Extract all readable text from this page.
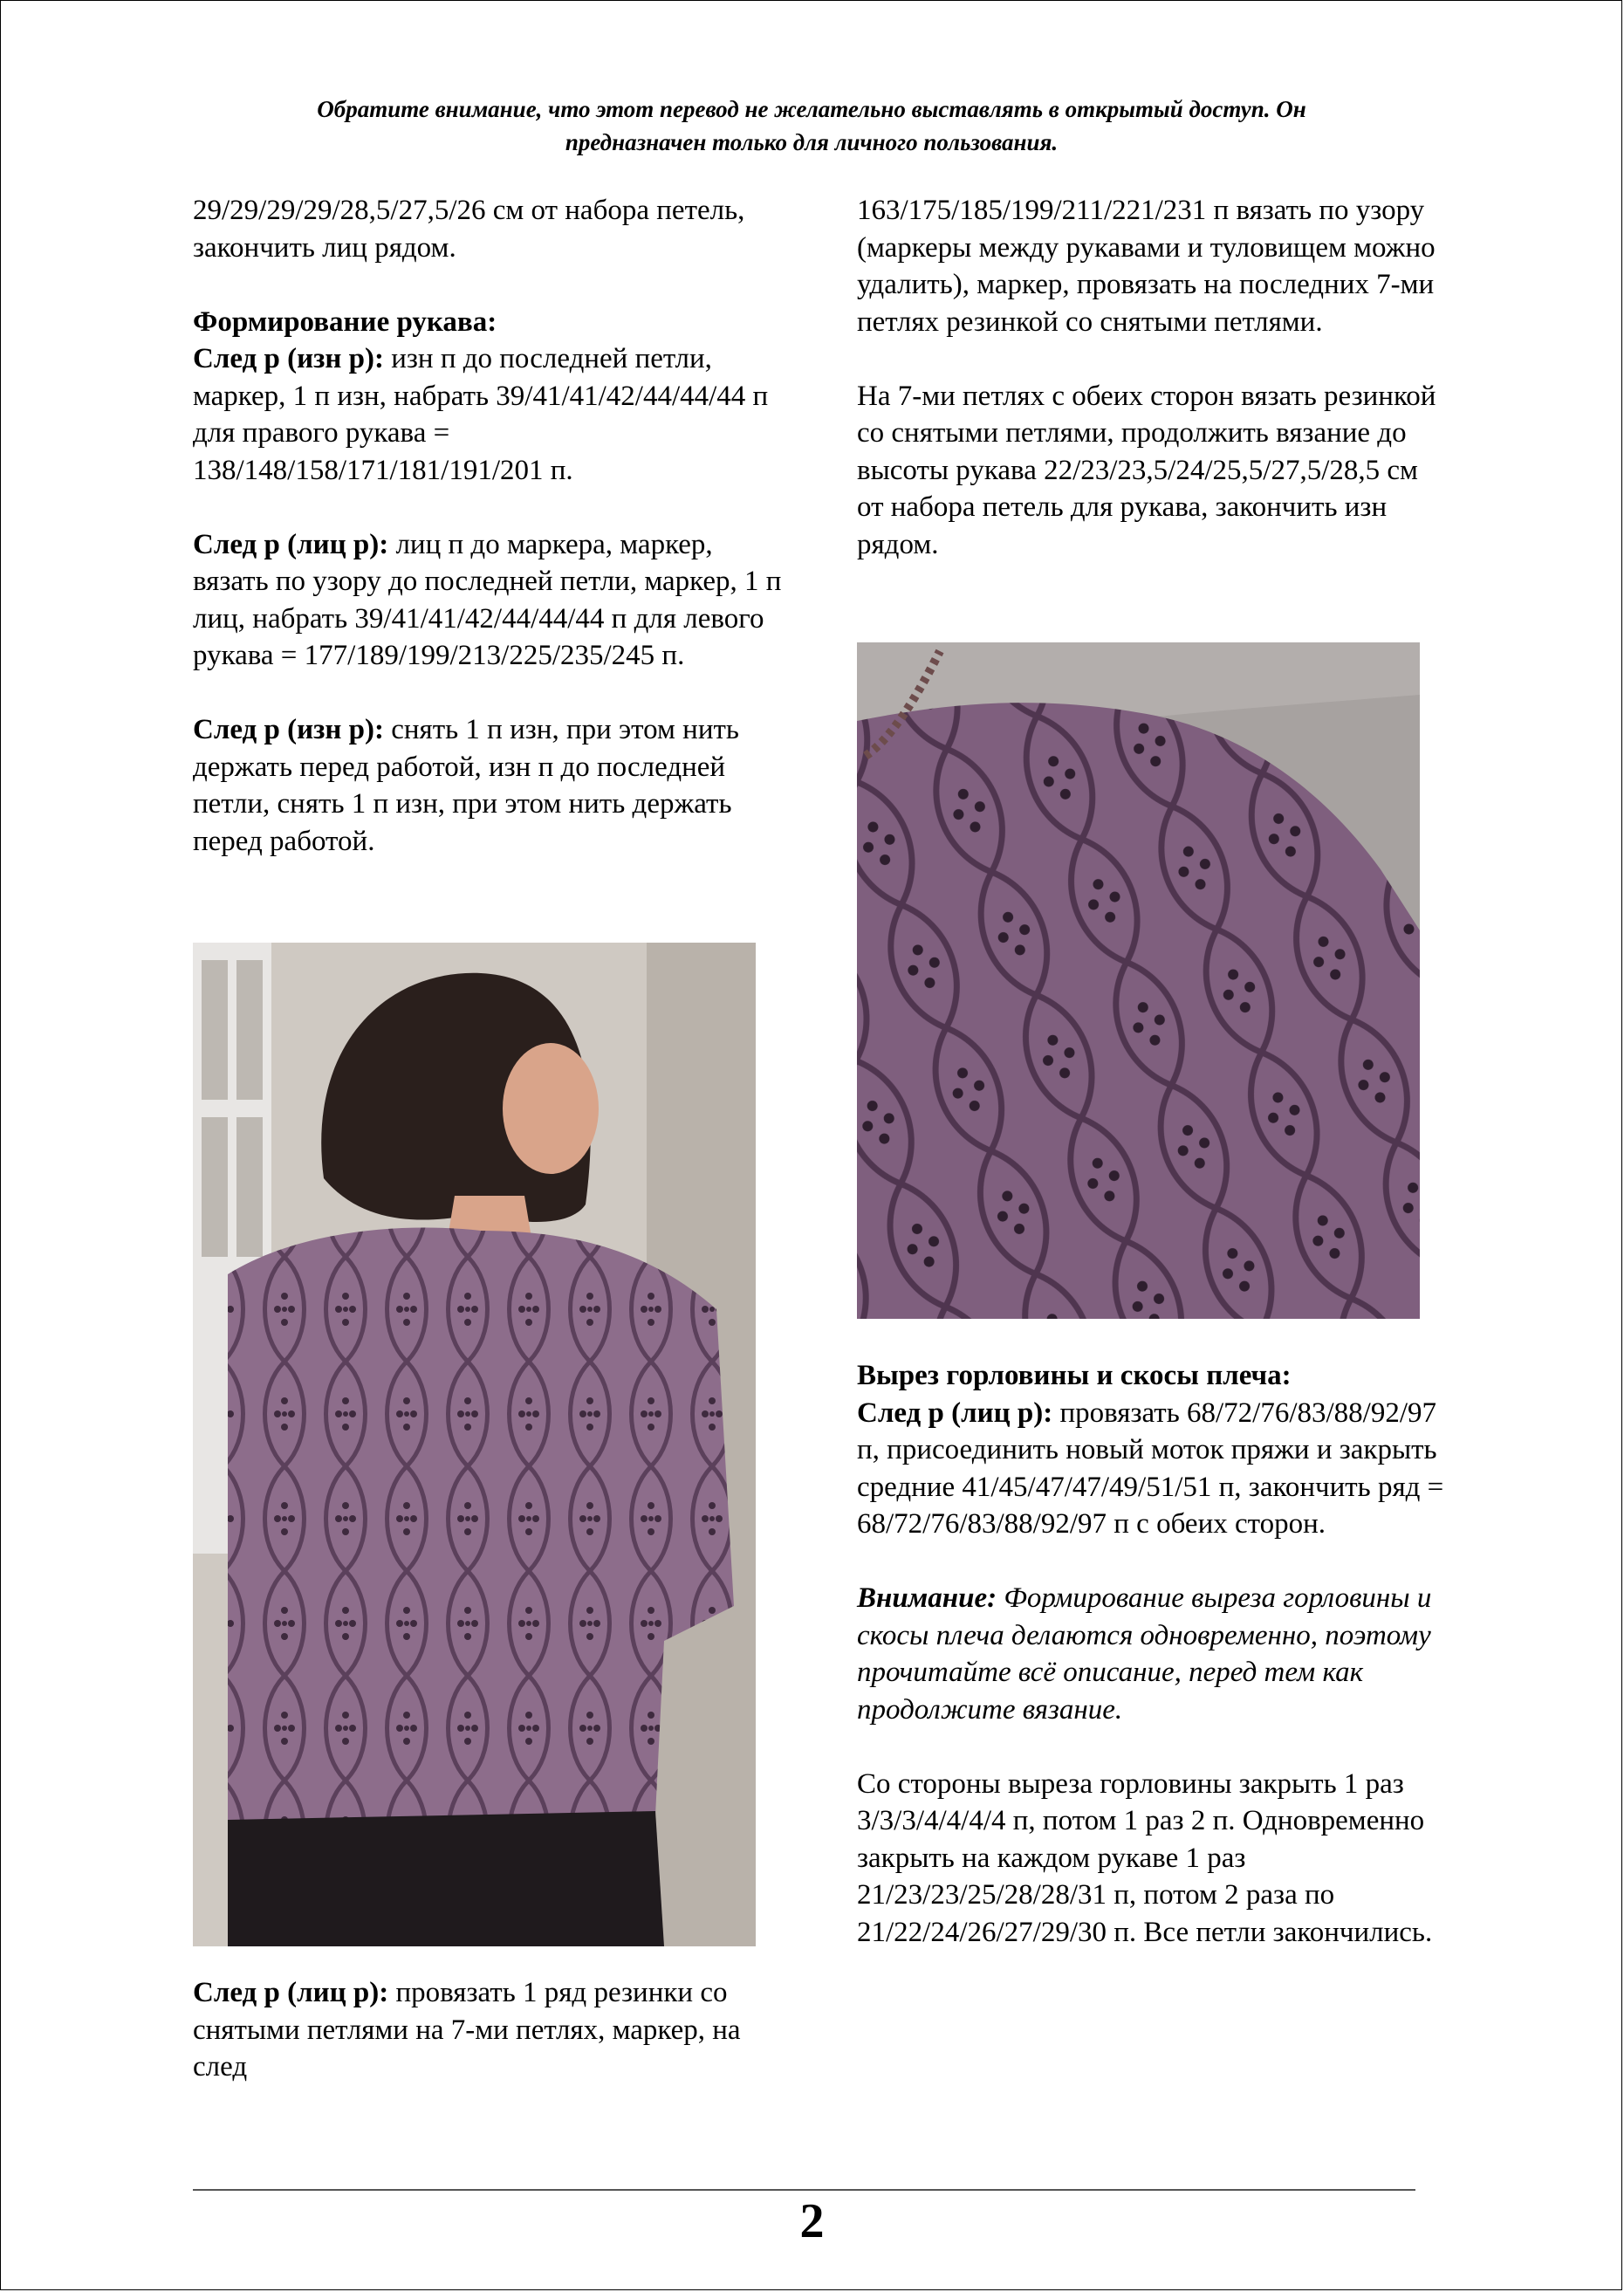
Обратите внимание, что этот перевод не желательно выставлять в открытый доступ. Он
предназначен только для личного пользования.

29/29/29/29/28,5/27,5/26 см от набора петель, закончить лиц рядом.

Формирование рукава:
След р (изн р): изн п до последней петли, маркер, 1 п изн, набрать 39/41/41/42/44/44/44 п для правого рукава = 138/148/158/171/181/191/201 п.

След р (лиц р): лиц п до маркера, маркер, вязать по узору до последней петли, маркер, 1 п лиц, набрать 39/41/41/42/44/44/44 п для левого рукава = 177/189/199/213/225/235/245 п.

След р (изн р): снять 1 п изн, при этом нить держать перед работой, изн п до последней петли, снять 1 п изн, при этом нить держать перед работой.

След р (лиц р): провязать 1 ряд резинки со снятыми петлями на 7-ми петлях, маркер, на след

163/175/185/199/211/221/231 п вязать по узору (маркеры между рукавами и туловищем можно удалить), маркер, провязать на последних 7-ми петлях резинкой со снятыми петлями.

На 7-ми петлях с обеих сторон вязать резинкой со снятыми петлями, продолжить вязание до высоты рукава 22/23/23,5/24/25,5/27,5/28,5 см от набора петель для рукава, закончить изн рядом.

Вырез горловины и скосы плеча:
След р (лиц р): провязать 68/72/76/83/88/92/97 п, присоединить новый моток пряжи и закрыть средние 41/45/47/47/49/51/51 п, закончить ряд = 68/72/76/83/88/92/97 п с обеих сторон.

Внимание: Формирование выреза горловины и скосы плеча делаются одновременно, поэтому прочитайте всё описание, перед тем как продолжите вязание.

Со стороны выреза горловины закрыть 1 раз 3/3/3/4/4/4/4 п, потом 1 раз 2 п. Одновременно закрыть на каждом рукаве 1 раз 21/23/23/25/28/28/31 п, потом 2 раза по 21/22/24/26/27/29/30 п. Все петли закончились.

2
